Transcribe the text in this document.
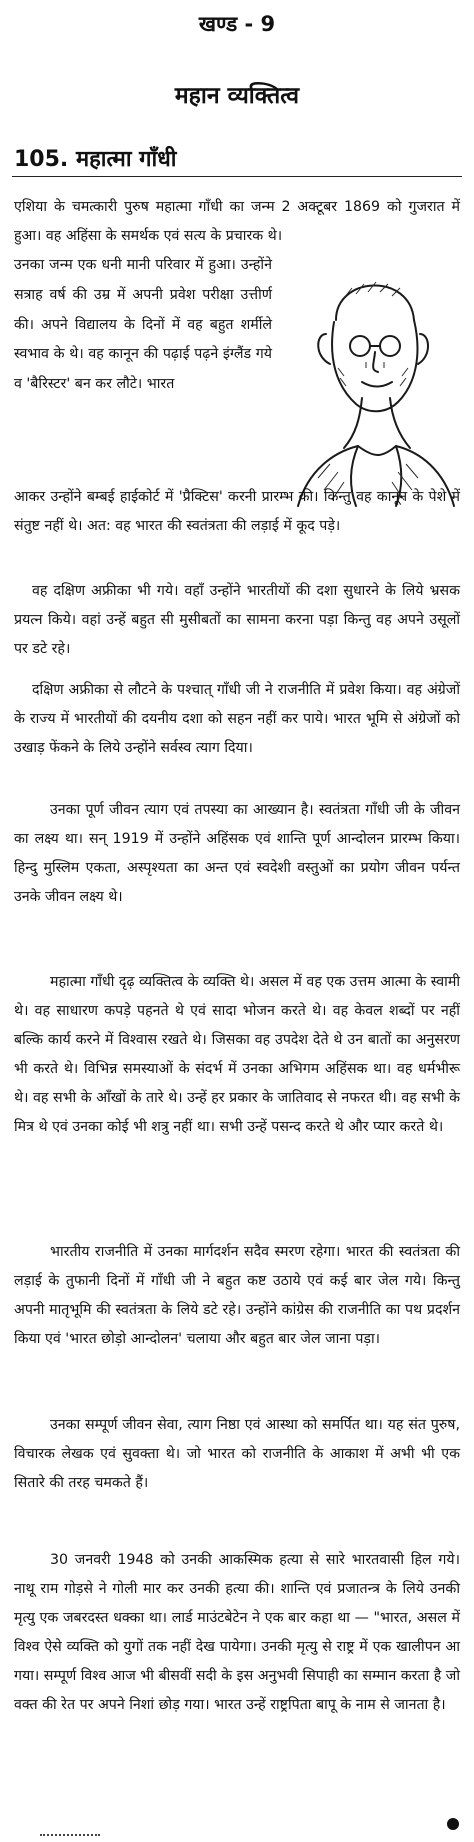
खण्ड - 9
महान व्यक्तित्व
105. महात्मा गाँधी

एशिया के चमत्कारी पुरुष महात्मा गाँधी का जन्म 2 अक्टूबर 1869 को गुजरात में हुआ। वह अहिंसा के समर्थक एवं सत्य के प्रचारक थे।

उनका जन्म एक धनी मानी परिवार में हुआ। उन्होंने सत्राह वर्ष की उम्र में अपनी प्रवेश परीक्षा उत्तीर्ण की। अपने विद्यालय के दिनों में वह बहुत शर्मीले स्वभाव के थे। वह कानून की पढ़ाई पढ़ने इंग्लैंड गये व 'बैरिस्टर' बन कर लौटे। भारत

आकर उन्होंने बम्बई हाईकोर्ट में 'प्रैक्टिस' करनी प्रारम्भ की। किन्तु वह कानून के पेशे में संतुष्ट नहीं थे। अत: वह भारत की स्वतंत्रता की लड़ाई में कूद पड़े।

वह दक्षिण अफ्रीका भी गये। वहाँ उन्होंने भारतीयों की दशा सुधारने के लिये भ्रसक प्रयत्न किये। वहां उन्हें बहुत सी मुसीबतों का सामना करना पड़ा किन्तु वह अपने उसूलों पर डटे रहे।

दक्षिण अफ्रीका से लौटने के पश्चात् गाँधी जी ने राजनीति में प्रवेश किया। वह अंग्रेजों के राज्य में भारतीयों की दयनीय दशा को सहन नहीं कर पाये। भारत भूमि से अंग्रेजों को उखाड़ फेंकने के लिये उन्होंने सर्वस्व त्याग दिया।

उनका पूर्ण जीवन त्याग एवं तपस्या का आख्यान है। स्वतंत्रता गाँधी जी के जीवन का लक्ष्य था। सन् 1919 में उन्होंने अहिंसक एवं शान्ति पूर्ण आन्दोलन प्रारम्भ किया। हिन्दु मुस्लिम एकता, अस्पृश्यता का अन्त एवं स्वदेशी वस्तुओं का प्रयोग जीवन पर्यन्त उनके जीवन लक्ष्य थे।

महात्मा गाँधी दृढ़ व्यक्तित्व के व्यक्ति थे। असल में वह एक उत्तम आत्मा के स्वामी थे। वह साधारण कपड़े पहनते थे एवं सादा भोजन करते थे। वह केवल शब्दों पर नहीं बल्कि कार्य करने में विश्वास रखते थे। जिसका वह उपदेश देते थे उन बातों का अनुसरण भी करते थे। विभिन्न समस्याओं के संदर्भ में उनका अभिगम अहिंसक था। वह धर्मभीरू थे। वह सभी के आँखों के तारे थे। उन्हें हर प्रकार के जातिवाद से नफरत थी। वह सभी के मित्र थे एवं उनका कोई भी शत्रु नहीं था। सभी उन्हें पसन्द करते थे और प्यार करते थे।

भारतीय राजनीति में उनका मार्गदर्शन सदैव स्मरण रहेगा। भारत की स्वतंत्रता की लड़ाई के तुफानी दिनों में गाँधी जी ने बहुत कष्ट उठाये एवं कई बार जेल गये। किन्तु अपनी मातृभूमि की स्वतंत्रता के लिये डटे रहे। उन्होंने कांग्रेस की राजनीति का पथ प्रदर्शन किया एवं 'भारत छोड़ो आन्दोलन' चलाया और बहुत बार जेल जाना पड़ा।

उनका सम्पूर्ण जीवन सेवा, त्याग निष्ठा एवं आस्था को समर्पित था। यह संत पुरुष, विचारक लेखक एवं सुवक्ता थे। जो भारत को राजनीति के आकाश में अभी भी एक सितारे की तरह चमकते हैं।

30 जनवरी 1948 को उनकी आकस्मिक हत्या से सारे भारतवासी हिल गये। नाथू राम गोड़से ने गोली मार कर उनकी हत्या की। शान्ति एवं प्रजातन्त्र के लिये उनकी मृत्यु एक जबरदस्त धक्का था। लार्ड माउंटबेटेन ने एक बार कहा था — "भारत, असल में विश्व ऐसे व्यक्ति को युगों तक नहीं देख पायेगा। उनकी मृत्यु से राष्ट्र में एक खालीपन आ गया। सम्पूर्ण विश्व आज भी बीसवीं सदी के इस अनुभवी सिपाही का सम्मान करता है जो वक्त की रेत पर अपने निशां छोड़ गया। भारत उन्हें राष्ट्रपिता बापू के नाम से जानता है।
